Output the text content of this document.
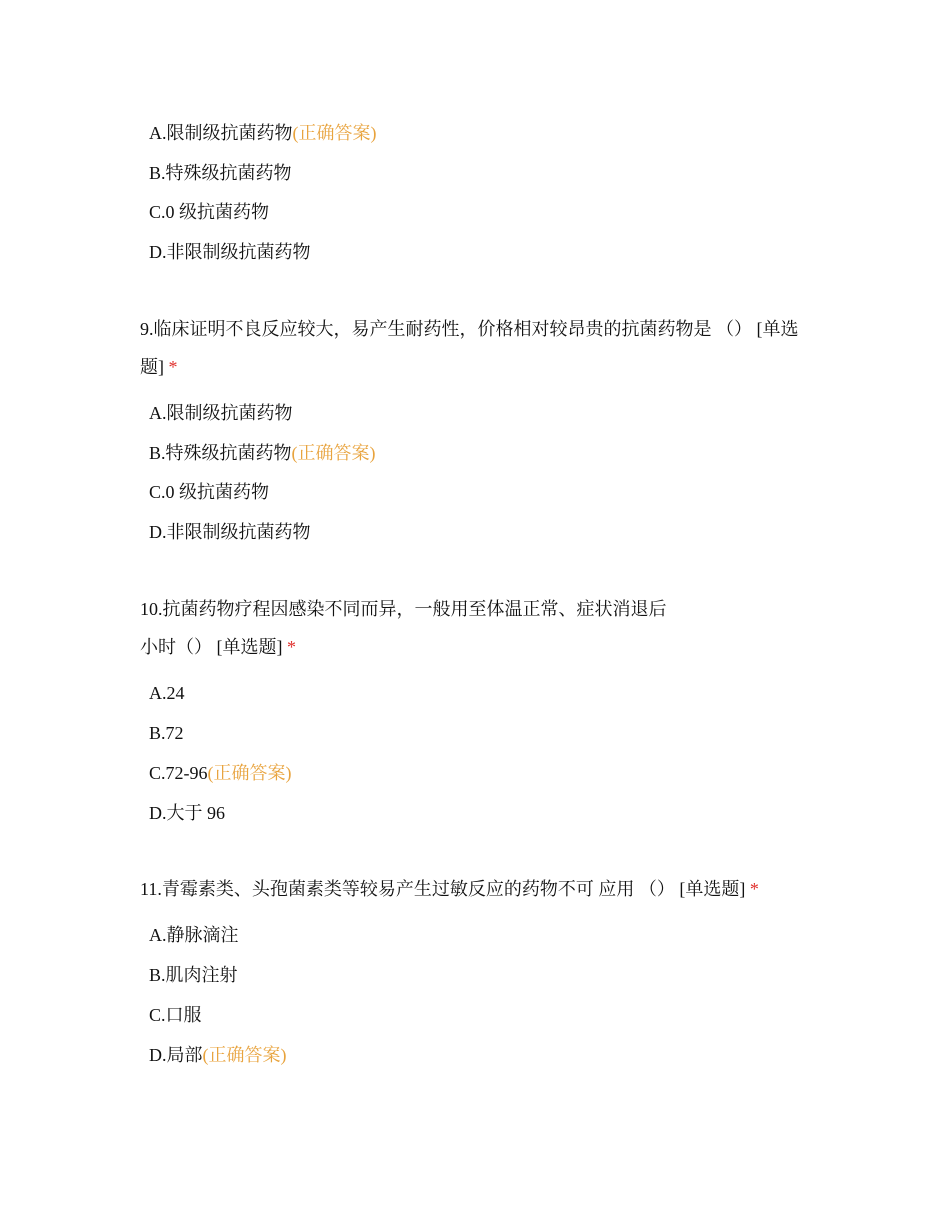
A.限制级抗菌药物(正确答案)
B.特殊级抗菌药物
C.0 级抗菌药物
D.非限制级抗菌药物
9.临床证明不良反应较大，易产生耐药性，价格相对较昂贵的抗菌药物是 （） [单选题] *
A.限制级抗菌药物
B.特殊级抗菌药物(正确答案)
C.0 级抗菌药物
D.非限制级抗菌药物
10.抗菌药物疗程因感染不同而异，一般用至体温正常、症状消退后
小时（） [单选题] *
A.24
B.72
C.72-96(正确答案)
D.大于 96
11.青霉素类、头孢菌素类等较易产生过敏反应的药物不可 应用 （） [单选题] *
A.静脉滴注
B.肌肉注射
C.口服
D.局部(正确答案)
